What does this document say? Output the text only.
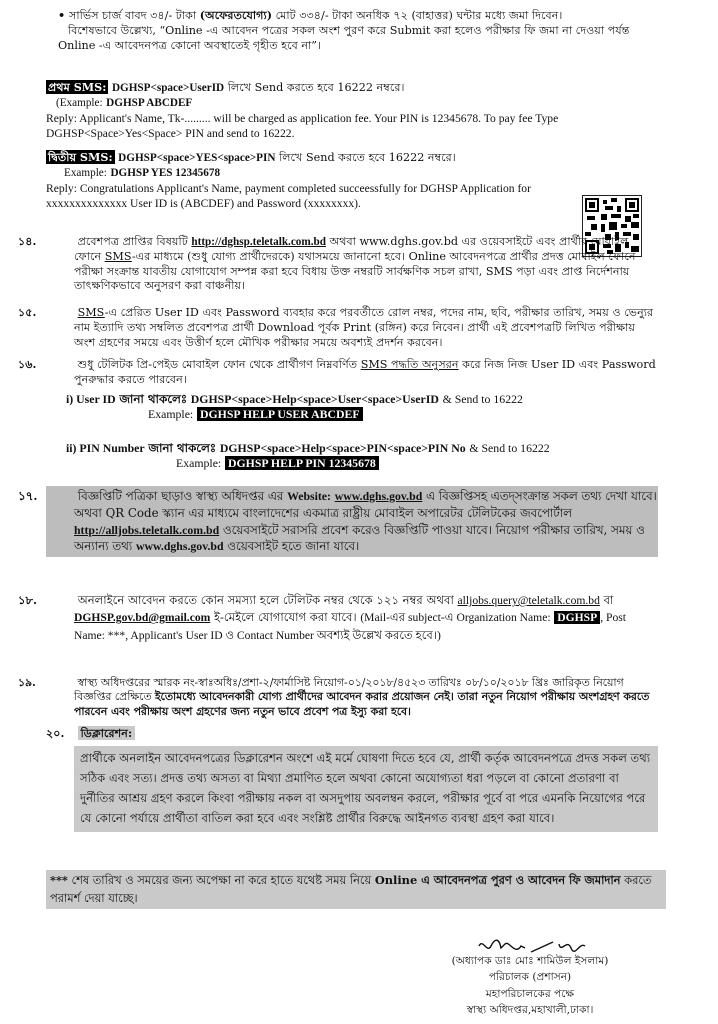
• সার্ভিস চার্জ বাবদ ৩৪/- টাকা (অফেরতযোগ্য) মোট ৩৩৪/- টাকা অনধিক ৭২ (বাহাত্তর) ঘন্টার মধ্যে জমা দিবেন।

বিশেষভাবে উল্লেখ্য, “Online -এ আবেদন পত্রের সকল অংশ পুরণ করে Submit করা হলেও পরীক্ষার ফি জমা না দেওয়া পর্যন্ত Online -এ আবেদনপত্র কোনো অবস্থাতেই গৃহীত হবে না”।

প্রথম SMS: DGHSP<space>UserID লিখে Send করতে হবে 16222 নম্বরে।

(Example: DGHSP ABCDEF

Reply: Applicant's Name, Tk-......... will be charged as application fee. Your PIN is 12345678. To pay fee Type DGHSP<Space>Yes<Space> PIN and send to 16222.

দ্বিতীয় SMS: DGHSP<space>YES<space>PIN লিখে Send করতে হবে 16222 নম্বরে।

Example: DGHSP YES 12345678

Reply: Congratulations Applicant's Name, payment completed succeessfully for DGHSP Application for xxxxxxxxxxxxxx User ID is (ABCDEF) and Password (xxxxxxxx).

১৪.	প্রবেশপত্র প্রাপ্তির বিষয়টি http://dghsp.teletalk.com.bd অথবা www.dghs.gov.bd এর ওয়েবসাইটে এবং প্রার্থীর মোবাইল ফোনে SMS-এর মাধ্যমে (শুধু যোগ্য প্রার্থীদেরকে) যথাসময়ে জানানো হবে। Online আবেদনপত্রে প্রার্থীর প্রদত্ত মোবাইল ফোনে পরীক্ষা সংক্রান্ত যাবতীয় যোগাযোগ সম্পন্ন করা হবে বিধায় উক্ত নম্বরটি সার্বক্ষণিক সচল রাখা, SMS পড়া এবং প্রাপ্ত নির্দেশনায় তাৎক্ষণিকভাবে অনুসরণ করা বাঞ্চনীয়।

১৫.	SMS-এ প্রেরিত User ID এবং Password ব্যবহার করে পরবর্তীতে রোল নম্বর, পদের নাম, ছবি, পরীক্ষার তারিখ, সময় ও ভেন্যুর নাম ইত্যাদি তথ্য সম্বলিত প্রবেশপত্র প্রার্থী Download পূর্বক Print (রঙ্গিন) করে নিবেন। প্রার্থী এই প্রবেশপত্রটি লিখিত পরীক্ষায় অংশ গ্রহণের সময়ে এবং উত্তীর্ণ হলে মৌখিক পরীক্ষার সময়ে অবশ্যই প্রদর্শন করবেন।

১৬.	শুধু টেলিটক প্রি-পেইড মোবাইল ফোন থেকে প্রার্থীগণ নিম্নবর্ণিত SMS পদ্ধতি অনুসরন করে নিজ নিজ User ID এবং Password পুনরুদ্ধার করতে পারবেন।

i) User ID জানা থাকলেঃ DGHSP<space>Help<space>User<space>UserID & Send to 16222

Example: DGHSP HELP USER ABCDEF

ii) PIN Number জানা থাকলেঃ DGHSP<space>Help<space>PIN<space>PIN No & Send to 16222

Example: DGHSP HELP PIN 12345678

১৭.	বিজ্ঞপ্তিটি পত্রিকা ছাড়াও স্বাস্থ্য অধিদপ্তর এর Website: www.dghs.gov.bd এ বিজ্ঞপ্তিসহ এতদ্সংক্রান্ত সকল তথ্য দেখা যাবে। অথবা QR Code স্ক্যান এর মাধ্যমে বাংলাদেশের একমাত্র রাষ্ট্রীয় মোবাইল অপারেটর টেলিটকের জবপোর্টাল http://alljobs.teletalk.com.bd ওয়েবসাইটে সরাসরি প্রবেশ করেও বিজ্ঞপ্তিটি পাওয়া যাবে। নিয়োগ পরীক্ষার তারিখ, সময় ও অন্যান্য তথ্য www.dghs.gov.bd ওয়েবসাইট হতে জানা যাবে।

১৮.	অনলাইনে আবেদন করতে কোন সমস্যা হলে টেলিটক নম্বর থেকে ১২১ নম্বর অথবা alljobs.query@teletalk.com.bd বা DGHSP.gov.bd@gmail.com ই-মেইলে যোগাযোগ করা যাবে। (Mail-এর subject-এ Organization Name: DGHSP , Post Name: ***, Applicant's User ID ও Contact Number অবশ্যই উল্লেখ করতে হবে।)

১৯.	স্বাস্থ্য অধিদপ্তরের স্মারক নং-স্বাঃঅধিঃ/প্রশা-২/ফার্মাসিষ্ট নিয়োগ-০১/২০১৮/৪৫২৩ তারিখঃ ০৮/১০/২০১৮ খ্রিঃ জারিকৃত নিয়োগ বিজ্ঞপ্তির প্রেক্ষিতে ইতোমধ্যে আবেদনকারী যোগ্য প্রার্থীদের আবেদন করার প্রয়োজন নেই। তারা নতুন নিয়োগ পরীক্ষায় অংশগ্রহণ করতে পারবেন এবং পরীক্ষায় অংশ গ্রহণের জন্য নতুন ভাবে প্রবেশ পত্র ইস্যু করা হবে।

২০. ডিক্লারেশন:

প্রার্থীকে অনলাইন আবেদনপত্রের ডিক্লারেশন অংশে এই মর্মে ঘোষণা দিতে হবে যে, প্রার্থী কর্তৃক আবেদনপত্রে প্রদত্ত সকল তথ্য সঠিক এবং সত্য। প্রদত্ত তথ্য অসত্য বা মিথ্যা প্রমাণিত হলে অথবা কোনো অযোগ্যতা ধরা পড়লে বা কোনো প্রতারণা বা দুর্নীতির আশ্রয় গ্রহণ করলে কিংবা পরীক্ষায় নকল বা অসদুপায় অবলম্বন করলে, পরীক্ষার পূর্বে বা পরে এমনকি নিয়োগের পরে যে কোনো পর্যায়ে প্রার্থীতা বাতিল করা হবে এবং সংশ্লিষ্ট প্রার্থীর বিরুদ্ধে আইনগত ব্যবস্থা গ্রহণ করা যাবে।

*** শেষ তারিখ ও সময়ের জন্য অপেক্ষা না করে হাতে যথেষ্ট সময় নিয়ে Online এ আবেদনপত্র পুরণ ও আবেদন ফি জমাদান করতে পরামর্শ দেয়া যাচ্ছে।
(অধ্যাপক ডাঃ মোঃ শামিউল ইসলাম)
পরিচালক (প্রশাসন)
মহাপরিচালকের পক্ষে
স্বাস্থ্য অধিদপ্তর,মহাখালী,ঢাকা।
